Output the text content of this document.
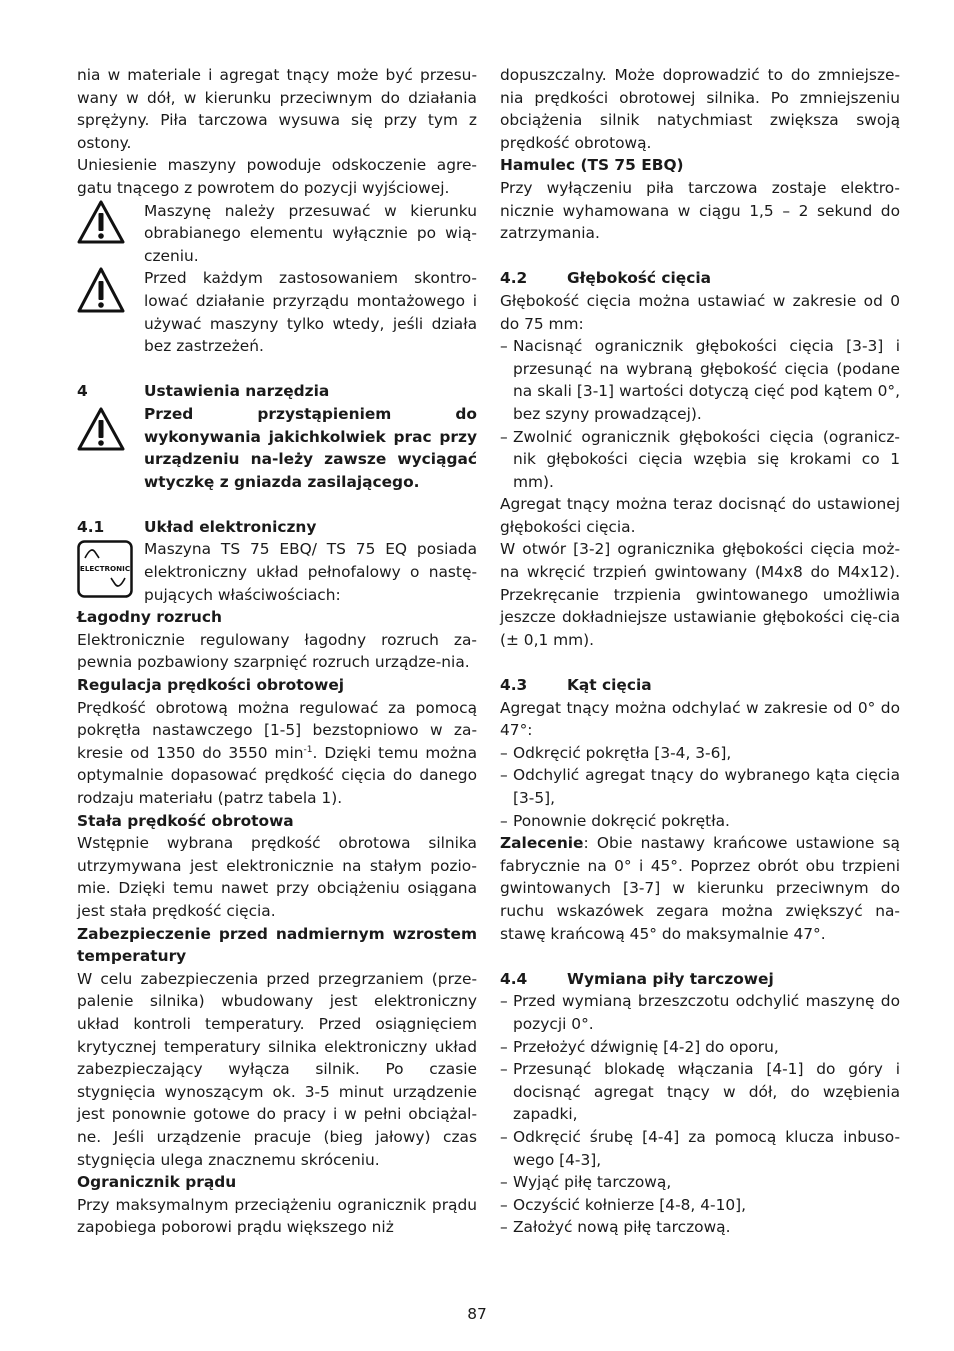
nia w materiale i agregat tnący może być przesu-wany w dół, w kierunku przeciwnym do działania sprężyny. Piła tarczowa wysuwa się przy tym z ostony.

Uniesienie maszyny powoduje odskoczenie agre-gatu tnącego z powrotem do pozycji wyjściowej.

Maszynę należy przesuwać w kierunku obrabianego elementu wyłącznie po wią-czeniu.
Przed każdym zastosowaniem skontro-lować działanie przyrządu montażowego i używać maszyny tylko wtedy, jeśli działa bez zastrzeżeń.
4	Ustawienia narzędzia
Przed przystąpieniem do wykonywania jakichkolwiek prac przy urządzeniu na-leży zawsze wyciągać wtyczkę z gniazda zasilającego.
4.1	Układ elektroniczny
ELECTRONIC
Maszyna TS 75 EBQ/ TS 75 EQ posiada elektroniczny układ pełnofalowy o nastę-pujących właściwościach:

Łagodny rozruch

Elektronicznie regulowany łagodny rozruch za-pewnia pozbawiony szarpnięć rozruch urządze-nia.

Regulacja prędkości obrotowej

Prędkość obrotową można regulować za pomocą pokrętła nastawczego [1-5] bezstopniowo w za-kresie od 1350 do 3550 $\min^{-1}$. Dzięki temu można optymalnie dopasować prędkość cięcia do danego rodzaju materiału (patrz tabela 1).

Stała prędkość obrotowa

Wstępnie wybrana prędkość obrotowa silnika utrzymywana jest elektronicznie na stałym pozio-mie. Dzięki temu nawet przy obciążeniu osiągana jest stała prędkość cięcia.

Zabezpieczenie przed nadmiernym wzrostem temperatury

W celu zabezpieczenia przed przegrzaniem (prze-palenie silnika) wbudowany jest elektroniczny układ kontroli temperatury. Przed osiągnięciem krytycznej temperatury silnika elektroniczny układ zabezpieczający wyłącza silnik. Po czasie stygnięcia wynoszącym ok. 3-5 minut urządzenie jest ponownie gotowe do pracy i w pełni obciążal-ne. Jeśli urządzenie pracuje (bieg jałowy) czas stygnięcia ulega znacznemu skróceniu.

Ogranicznik prądu

Przy maksymalnym przeciążeniu ogranicznik prądu zapobiega poborowi prądu większego niż

dopuszczalny. Może doprowadzić to do zmniejsze-nia prędkości obrotowej silnika. Po zmniejszeniu obciążenia silnik natychmiast zwiększa swoją prędkość obrotową.

Hamulec (TS 75 EBQ)

Przy wyłączeniu piła tarczowa zostaje elektro-nicznie wyhamowana w ciągu 1,5 – 2 sekund do zatrzymania.

4.2	Głębokość cięcia

Głębokość cięcia można ustawiać w zakresie od 0 do 75 mm:

– Nacisnąć ogranicznik głębokości cięcia [3-3] i przesunąć na wybraną głębokość cięcia (podane na skali [3-1] wartości dotyczą cięć pod kątem 0°, bez szyny prowadzącej).
– Zwolnić ogranicznik głębokości cięcia (ogranicz-nik głębokości cięcia wzębia się krokami co 1 mm).

Agregat tnący można teraz docisnąć do ustawionej głębokości cięcia.

W otwór [3-2] ogranicznika głębokości cięcia moż-na wkręcić trzpień gwintowany (M4x8 do M4x12). Przekręcanie trzpienia gwintowanego umożliwia jeszcze dokładniejsze ustawianie głębokości cię-cia (± 0,1 mm).

4.3	Kąt cięcia

Agregat tnący można odchylać w zakresie od 0° do 47°:

– Odkręcić pokrętła [3-4, 3-6],
– Odchylić agregat tnący do wybranego kąta cięcia [3-5],
– Ponownie dokręcić pokrętła.

Zalecenie: Obie nastawy krańcowe ustawione są fabrycznie na 0° i 45°. Poprzez obrót obu trzpieni gwintowanych [3-7] w kierunku przeciwnym do ruchu wskazówek zegara można zwiększyć na-stawę krańcową 45° do maksymalnie 47°.

4.4	Wymiana piły tarczowej
– Przed wymianą brzeszczotu odchylić maszynę do pozycji 0°.
– Przełożyć dźwignię [4-2] do oporu,
– Przesunąć blokadę włączania [4-1] do góry i docisnąć agregat tnący w dół, do wzębienia zapadki,
– Odkręcić śrubę [4-4] za pomocą klucza inbuso-wego [4-3],
– Wyjąć piłę tarczową,
– Oczyścić kołnierze [4-8, 4-10],
– Założyć nową piłę tarczową.
87
